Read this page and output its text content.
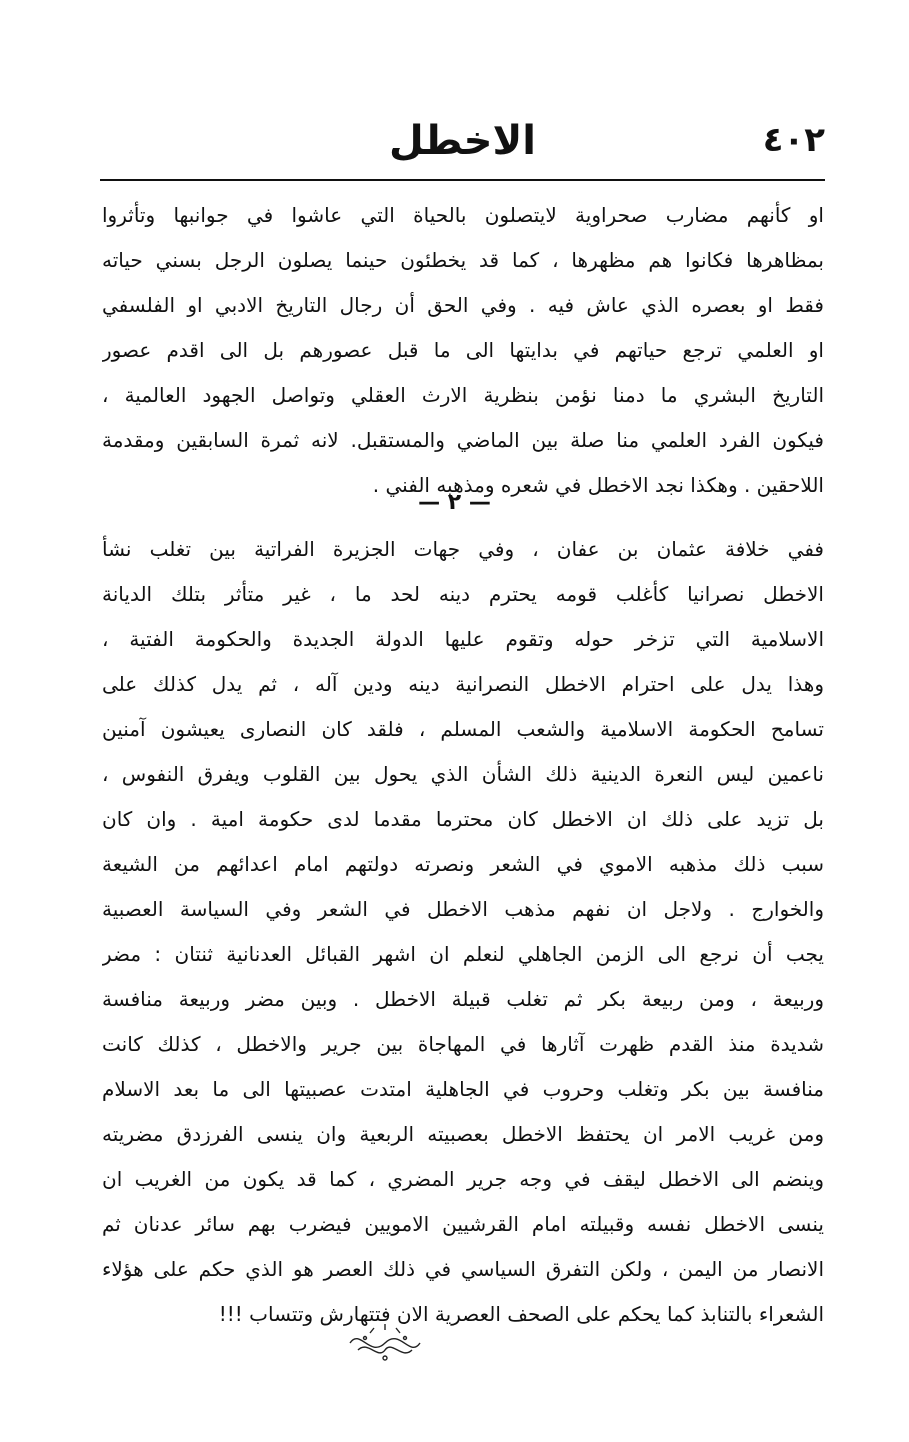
٤٠٢
الاخطل
او كأنهم مضارب صحراوية لايتصلون بالحياة التي عاشوا في جوانبها وتأثروا
بمظاهرها فكانوا هم مظهرها ، كما قد يخطئون حينما يصلون الرجل بسني حياته
فقط او بعصره الذي عاش فيه . وفي الحق أن رجال التاريخ الادبي او الفلسفي
او العلمي ترجع حياتهم في بدايتها الى ما قبل عصورهم بل الى اقدم عصور
التاريخ البشري ما دمنا نؤمن بنظرية الارث العقلي وتواصل الجهود العالمية ،
فيكون الفرد العلمي منا صلة بين الماضي والمستقبل. لانه ثمرة السابقين ومقدمة
اللاحقين . وهكذا نجد الاخطل في شعره ومذهبه الفني .
— ٢ —
ففي خلافة عثمان بن عفان ، وفي جهات الجزيرة الفراتية بين تغلب نشأ
الاخطل نصرانيا كأغلب قومه يحترم دينه لحد ما ، غير متأثر بتلك الديانة
الاسلامية التي تزخر حوله وتقوم عليها الدولة الجديدة والحكومة الفتية ،
وهذا يدل على احترام الاخطل النصرانية دينه ودين آله ، ثم يدل كذلك على
تسامح الحكومة الاسلامية والشعب المسلم ، فلقد كان النصارى يعيشون آمنين
ناعمين ليس النعرة الدينية ذلك الشأن الذي يحول بين القلوب ويفرق النفوس ،
بل تزيد على ذلك ان الاخطل كان محترما مقدما لدى حكومة امية . وان كان
سبب ذلك مذهبه الاموي في الشعر ونصرته دولتهم امام اعدائهم من الشيعة
والخوارج . ولاجل ان نفهم مذهب الاخطل في الشعر وفي السياسة العصبية
يجب أن نرجع الى الزمن الجاهلي لنعلم ان اشهر القبائل العدنانية ثنتان : مضر
وربيعة ، ومن ربيعة بكر ثم تغلب قبيلة الاخطل . وبين مضر وربيعة منافسة
شديدة منذ القدم ظهرت آثارها في المهاجاة بين جرير والاخطل ، كذلك كانت
منافسة بين بكر وتغلب وحروب في الجاهلية امتدت عصبيتها الى ما بعد الاسلام
ومن غريب الامر ان يحتفظ الاخطل بعصبيته الربعية وان ينسى الفرزدق مضريته
وينضم الى الاخطل ليقف في وجه جرير المضري ، كما قد يكون من الغريب ان
ينسى الاخطل نفسه وقبيلته امام القرشيين الامويين فيضرب بهم سائر عدنان ثم
الانصار من اليمن ، ولكن التفرق السياسي في ذلك العصر هو الذي حكم على هؤلاء
الشعراء بالتنابذ كما يحكم على الصحف العصرية الان فتتهارش وتتساب !!!
